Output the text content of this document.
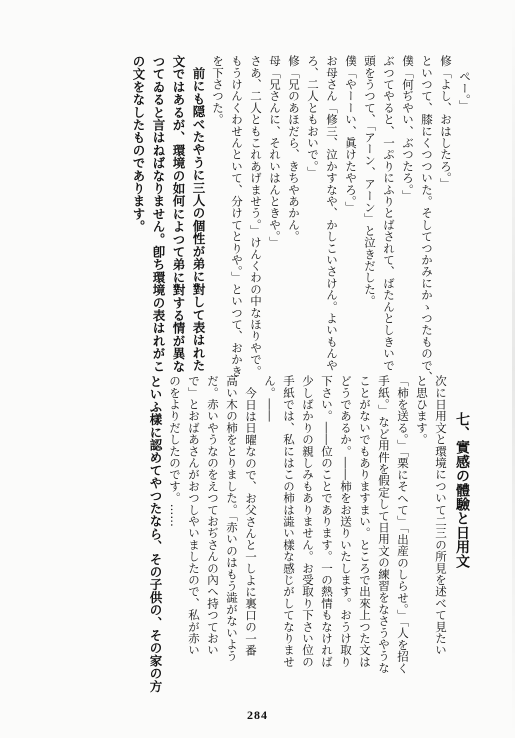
ぺー。」
修「よし、おはしたろ。」
といつて、膝にくつついた。そしてつかみにかゝつたもので、
僕「何ぢやい、ぶつたろ。」
ぶつてやると、一ぷりにふりとばされて、ばたんとしきいで
頭をうつて、「アーン、アーン」と泣きだした。
僕「やーーい、眞けたやろ。」
お母さん「修三、泣かすなや、かしこいさけん。よいもんや
ろ、二人ともおいで。」
修「兄のあほだら、きちやあかん。
母「兄さんに、それいはんときや。」
さあ、二人ともこれあげませう。」けんくわの中なほりやで。
もうけんくわせんといて、分けてとりや。」といつて、おかき
を下さつた。
前にも隠べたやうに三人の個性が弟に對して表はれた
文ではあるが、環境の如何によつて弟に對する情が異な
つてゐると言はねばなりません。卽ち環境の表はれがこ
の文をなしたものであります。

七、實感の體驗と日用文
次に日用文と環境について二三の所見を述べて見たい
と思ひます。
「柿を送る。」「栗にそへて」「出産のしらせ。」「人を招く
手紙。」など用件を假定して日用文の練習をなさうやうな
ことがないでもありますまい。ところで出來上つた文は
どうであるか。――柿をお送りいたします。おうけ取り
下さい。――位のことであります。一の熱情もなければ
少しばかりの親しみもありません。お受取り下さい位の
手紙では、私にはこの柿は澁い樣な感じがしてなりませ
ん。――
今日は日曜なので、お父さんと一しよに裏口の一番
高い木の柿をとりました。「赤いのはもう澁がないよう
だ。赤いやうなのをえつておぢさんの內へ持つておい
で」とおばあさんがおつしやいましたので、私が赤い
のをよりだしたのです。……
といふ樣に認めてやつたなら、その子供の、その家の方

284
